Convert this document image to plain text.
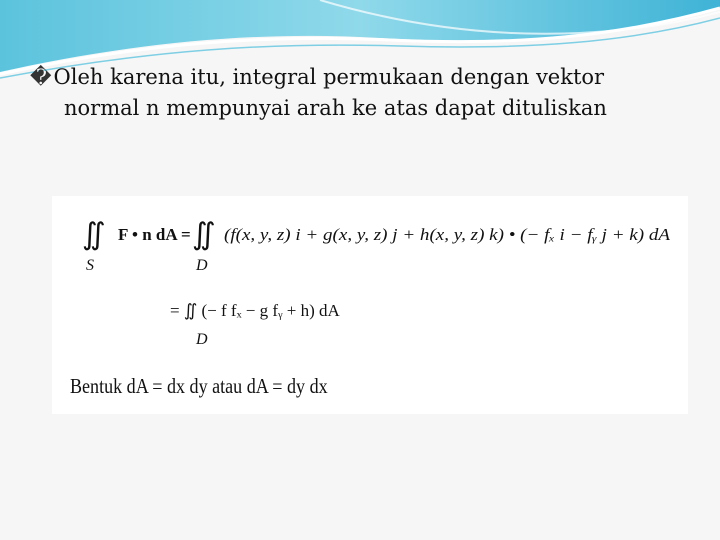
�Oleh karena itu, integral permukaan dengan vektor
normal n mempunyai arah ke atas dapat dituliskan
∬
S
F • n dA = ∬
D
(f(x, y, z) i + g(x, y, z) j + h(x, y, z) k) • (− fₓ i − fᵧ j + k) dA
= ∬ (− f fₓ − g fᵧ + h) dA
D
Bentuk dA = dx dy atau dA = dy dx
